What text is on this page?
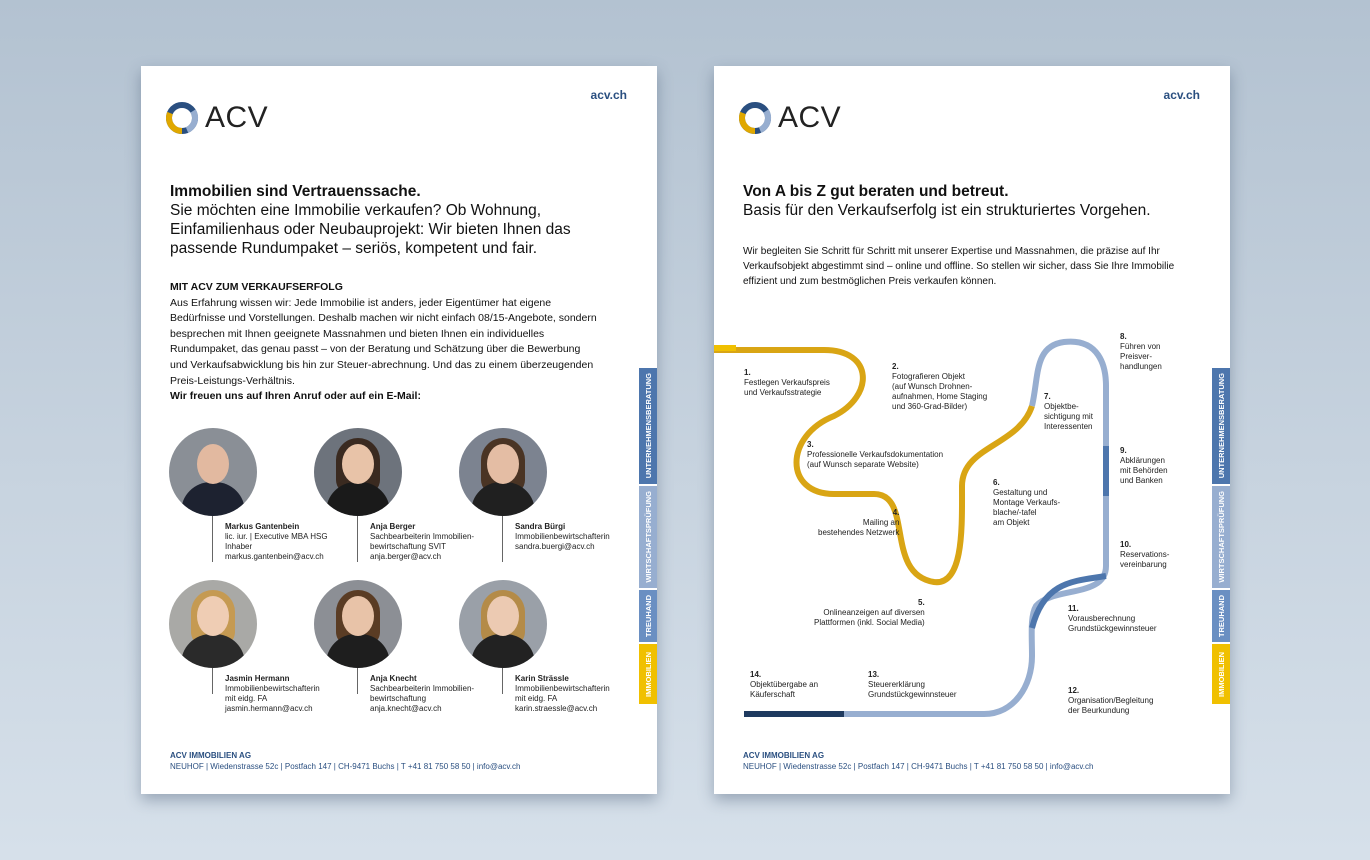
acv.ch
ACV
Immobilien sind Vertrauenssache.
Sie möchten eine Immobilie verkaufen? Ob Wohnung, Einfamilienhaus oder Neubauprojekt: Wir bieten Ihnen das passende Rundumpaket – seriös, kompetent und fair.
MIT ACV ZUM VERKAUFSERFOLG
Aus Erfahrung wissen wir: Jede Immobilie ist anders, jeder Eigentümer hat eigene Bedürfnisse und Vorstellungen. Deshalb machen wir nicht einfach 08/15-Angebote, sondern besprechen mit Ihnen geeignete Massnahmen und bieten Ihnen ein individuelles Rundumpaket, das genau passt – von der Beratung und Schätzung über die Bewerbung und Verkaufsabwicklung bis hin zur Steuer-abrechnung. Und das zu einem überzeugenden Preis-Leistungs-Verhältnis.
Wir freuen uns auf Ihren Anruf oder auf ein E-Mail:
Markus Gantenbein
lic. iur. | Executive MBA HSG
Inhaber
markus.gantenbein@acv.ch
Anja Berger
Sachbearbeiterin Immobilien-
bewirtschaftung SVIT
anja.berger@acv.ch
Sandra Bürgi
Immobilienbewirtschafterin
sandra.buergi@acv.ch
Jasmin Hermann
Immobilienbewirtschafterin
mit eidg. FA
jasmin.hermann@acv.ch
Anja Knecht
Sachbearbeiterin Immobilien-
bewirtschaftung
anja.knecht@acv.ch
Karin Strässle
Immobilienbewirtschafterin
mit eidg. FA
karin.straessle@acv.ch
ACV IMMOBILIEN AG
NEUHOF | Wiedenstrasse 52c | Postfach 147 | CH-9471 Buchs | T +41 81 750 58 50 | info@acv.ch
UNTERNEHMENSBERATUNG
WIRTSCHAFTSPRÜFUNG
TREUHAND
IMMOBILIEN
acv.ch
ACV
Von A bis Z gut beraten und betreut.
Basis für den Verkaufserfolg ist ein strukturiertes Vorgehen.
Wir begleiten Sie Schritt für Schritt mit unserer Expertise und Massnahmen, die präzise auf Ihr Verkaufsobjekt abgestimmt sind – online und offline. So stellen wir sicher, dass Sie Ihre Immobilie effizient und zum bestmöglichen Preis verkaufen können.
1.
Festlegen Verkaufspreis
und Verkaufsstrategie
2.
Fotografieren Objekt
(auf Wunsch Drohnen-
aufnahmen, Home Staging
und 360-Grad-Bilder)
3.
Professionelle Verkaufsdokumentation
(auf Wunsch separate Website)
4.
Mailing an
bestehendes Netzwerk
5.
Onlineanzeigen auf diversen
Plattformen (inkl. Social Media)
6.
Gestaltung und
Montage Verkaufs-
blache/-tafel
am Objekt
7.
Objektbe-
sichtigung mit
Interessenten
8.
Führen von
Preisver-
handlungen
9.
Abklärungen
mit Behörden
und Banken
10.
Reservations-
vereinbarung
11.
Vorausberechnung
Grundstückgewinnsteuer
12.
Organisation/Begleitung
der Beurkundung
13.
Steuererklärung
Grundstückgewinnsteuer
14.
Objektübergabe an
Käuferschaft
ACV IMMOBILIEN AG
NEUHOF | Wiedenstrasse 52c | Postfach 147 | CH-9471 Buchs | T +41 81 750 58 50 | info@acv.ch
UNTERNEHMENSBERATUNG
WIRTSCHAFTSPRÜFUNG
TREUHAND
IMMOBILIEN
